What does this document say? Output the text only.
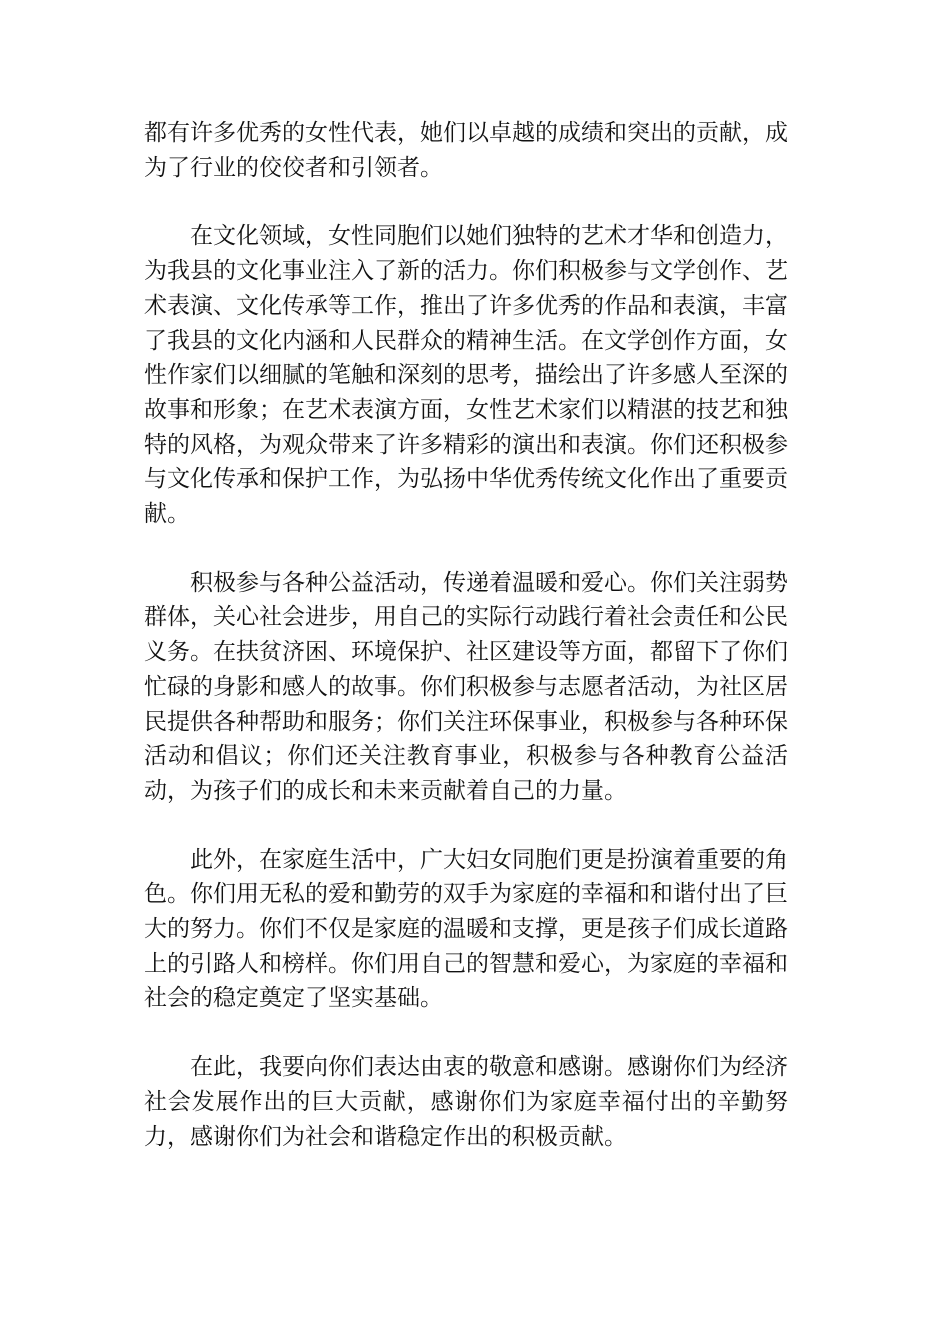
都有许多优秀的女性代表，她们以卓越的成绩和突出的贡献，成为了行业的佼佼者和引领者。

在文化领域，女性同胞们以她们独特的艺术才华和创造力，为我县的文化事业注入了新的活力。你们积极参与文学创作、艺术表演、文化传承等工作，推出了许多优秀的作品和表演，丰富了我县的文化内涵和人民群众的精神生活。在文学创作方面，女性作家们以细腻的笔触和深刻的思考，描绘出了许多感人至深的故事和形象；在艺术表演方面，女性艺术家们以精湛的技艺和独特的风格，为观众带来了许多精彩的演出和表演。你们还积极参与文化传承和保护工作，为弘扬中华优秀传统文化作出了重要贡献。

积极参与各种公益活动，传递着温暖和爱心。你们关注弱势群体，关心社会进步，用自己的实际行动践行着社会责任和公民义务。在扶贫济困、环境保护、社区建设等方面，都留下了你们忙碌的身影和感人的故事。你们积极参与志愿者活动，为社区居民提供各种帮助和服务；你们关注环保事业，积极参与各种环保活动和倡议；你们还关注教育事业，积极参与各种教育公益活动，为孩子们的成长和未来贡献着自己的力量。

此外，在家庭生活中，广大妇女同胞们更是扮演着重要的角色。你们用无私的爱和勤劳的双手为家庭的幸福和和谐付出了巨大的努力。你们不仅是家庭的温暖和支撑，更是孩子们成长道路上的引路人和榜样。你们用自己的智慧和爱心，为家庭的幸福和社会的稳定奠定了坚实基础。

在此，我要向你们表达由衷的敬意和感谢。感谢你们为经济社会发展作出的巨大贡献，感谢你们为家庭幸福付出的辛勤努力，感谢你们为社会和谐稳定作出的积极贡献。
